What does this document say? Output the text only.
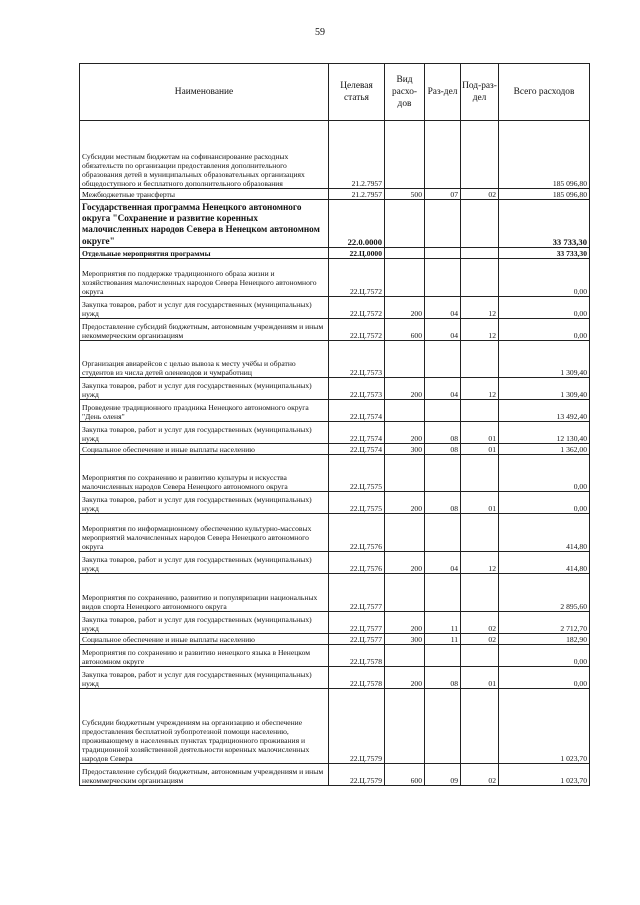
59
Наименование	Целевая статья	Вид расхо-дов	Раз-дел	Под-раз-дел	Всего расходов
Субсидии местным бюджетам на софинансирование расходных обязательств по организации предоставления дополнительного образования детей в муниципальных образовательных организациях общедоступного и бесплатного дополнительного образования	21.2.7957				185 096,80
Межбюджетные трансферты	21.2.7957	500	07	02	185 096,80
Государственная программа Ненецкого автономного округа "Сохранение и развитие коренных малочисленных народов Севера в Ненецком автономном округе"	22.0.0000				33 733,30
Отдельные мероприятия программы	22.Ц.0000				33 733,30
Мероприятия по поддержке традиционного образа жизни и хозяйствования малочисленных народов Севера Ненецкого автономного округа	22.Ц.7572				0,00
Закупка товаров, работ и услуг для государственных (муниципальных) нужд	22.Ц.7572	200	04	12	0,00
Предоставление субсидий бюджетным, автономным учреждениям и иным некоммерческим организациям	22.Ц.7572	600	04	12	0,00
Организация авиарейсов с целью вывоза к месту учёбы и обратно студентов из числа детей оленеводов и чумработниц	22.Ц.7573				1 309,40
Закупка товаров, работ и услуг для государственных (муниципальных) нужд	22.Ц.7573	200	04	12	1 309,40
Проведение традиционного праздника Ненецкого автономного округа "День оленя"	22.Ц.7574				13 492,40
Закупка товаров, работ и услуг для государственных (муниципальных) нужд	22.Ц.7574	200	08	01	12 130,40
Социальное обеспечение и иные выплаты населению	22.Ц.7574	300	08	01	1 362,00
Мероприятия по сохранению и развитию культуры и искусства малочисленных народов Севера Ненецкого автономного округа	22.Ц.7575				0,00
Закупка товаров, работ и услуг для государственных (муниципальных) нужд	22.Ц.7575	200	08	01	0,00
Мероприятия по информационному обеспечению культурно-массовых мероприятий малочисленных народов Севера Ненецкого автономного округа	22.Ц.7576				414,80
Закупка товаров, работ и услуг для государственных (муниципальных) нужд	22.Ц.7576	200	04	12	414,80
Мероприятия по сохранению, развитию и популяризации национальных видов спорта Ненецкого автономного округа	22.Ц.7577				2 895,60
Закупка товаров, работ и услуг для государственных (муниципальных) нужд	22.Ц.7577	200	11	02	2 712,70
Социальное обеспечение и иные выплаты населению	22.Ц.7577	300	11	02	182,90
Мероприятия по сохранению и развитию ненецкого языка в Ненецком автономном округе	22.Ц.7578				0,00
Закупка товаров, работ и услуг для государственных (муниципальных) нужд	22.Ц.7578	200	08	01	0,00
Субсидии бюджетным учреждениям на организацию и обеспечение предоставления бесплатной зубопротезной помощи населению, проживающему в населенных пунктах традиционного проживания и традиционной хозяйственной деятельности коренных малочисленных народов Севера	22.Ц.7579				1 023,70
Предоставление субсидий бюджетным, автономным учреждениям и иным некоммерческим организациям	22.Ц.7579	600	09	02	1 023,70
